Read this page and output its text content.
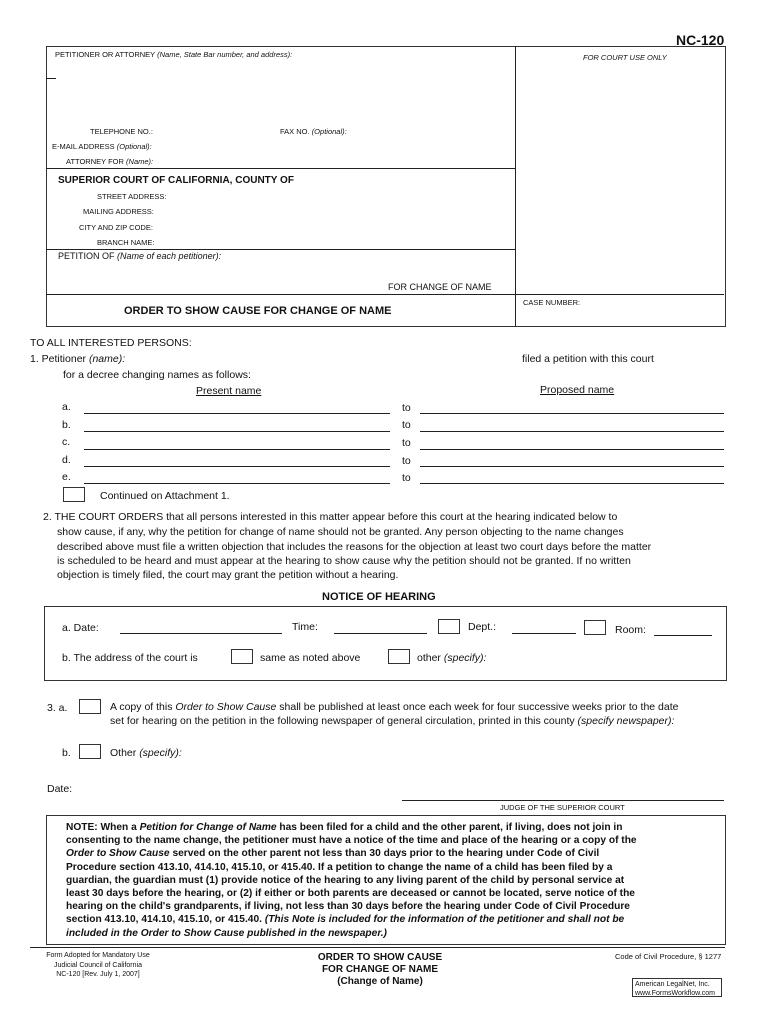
NC-120
PETITIONER OR ATTORNEY (Name, State Bar number, and address):	FOR COURT USE ONLY
TELEPHONE NO.:	FAX NO. (Optional):
E-MAIL ADDRESS (Optional):
ATTORNEY FOR (Name):
SUPERIOR COURT OF CALIFORNIA, COUNTY OF
STREET ADDRESS:
MAILING ADDRESS:
CITY AND ZIP CODE:
BRANCH NAME:
PETITION OF (Name of each petitioner):
FOR CHANGE OF NAME
ORDER TO SHOW CAUSE FOR CHANGE OF NAME
CASE NUMBER:
TO ALL INTERESTED PERSONS:
1. Petitioner (name):	filed a petition with this court
for a decree changing names as follows:
Present name	Proposed name
a.	to
b.	to
c.	to
d.	to
e.	to
Continued on Attachment 1.
2. THE COURT ORDERS that all persons interested in this matter appear before this court at the hearing indicated below to
show cause, if any, why the petition for change of name should not be granted. Any person objecting to the name changes
described above must file a written objection that includes the reasons for the objection at least two court days before the matter
is scheduled to be heard and must appear at the hearing to show cause why the petition should not be granted. If no written
objection is timely filed, the court may grant the petition without a hearing.
NOTICE OF HEARING
a. Date:	Time:	Dept.:	Room:
b. The address of the court is	same as noted above	other (specify):
3. a.	A copy of this Order to Show Cause shall be published at least once each week for four successive weeks prior to the date
set for hearing on the petition in the following newspaper of general circulation, printed in this county (specify newspaper):
b.	Other (specify):
Date:
JUDGE OF THE SUPERIOR COURT
NOTE: When a Petition for Change of Name has been filed for a child and the other parent, if living, does not join in
consenting to the name change, the petitioner must have a notice of the time and place of the hearing or a copy of the
Order to Show Cause served on the other parent not less than 30 days prior to the hearing under Code of Civil
Procedure section 413.10, 414.10, 415.10, or 415.40. If a petition to change the name of a child has been filed by a
guardian, the guardian must (1) provide notice of the hearing to any living parent of the child by personal service at
least 30 days before the hearing, or (2) if either or both parents are deceased or cannot be located, serve notice of the
hearing on the child's grandparents, if living, not less than 30 days before the hearing under Code of Civil Procedure
section 413.10, 414.10, 415.10, or 415.40. (This Note is included for the information of the petitioner and shall not be
included in the Order to Show Cause published in the newspaper.)
Form Adopted for Mandatory Use
Judicial Council of California
NC-120 [Rev. July 1, 2007]
ORDER TO SHOW CAUSE
FOR CHANGE OF NAME
(Change of Name)
Code of Civil Procedure, § 1277
American LegalNet, Inc.
www.FormsWorkflow.com
